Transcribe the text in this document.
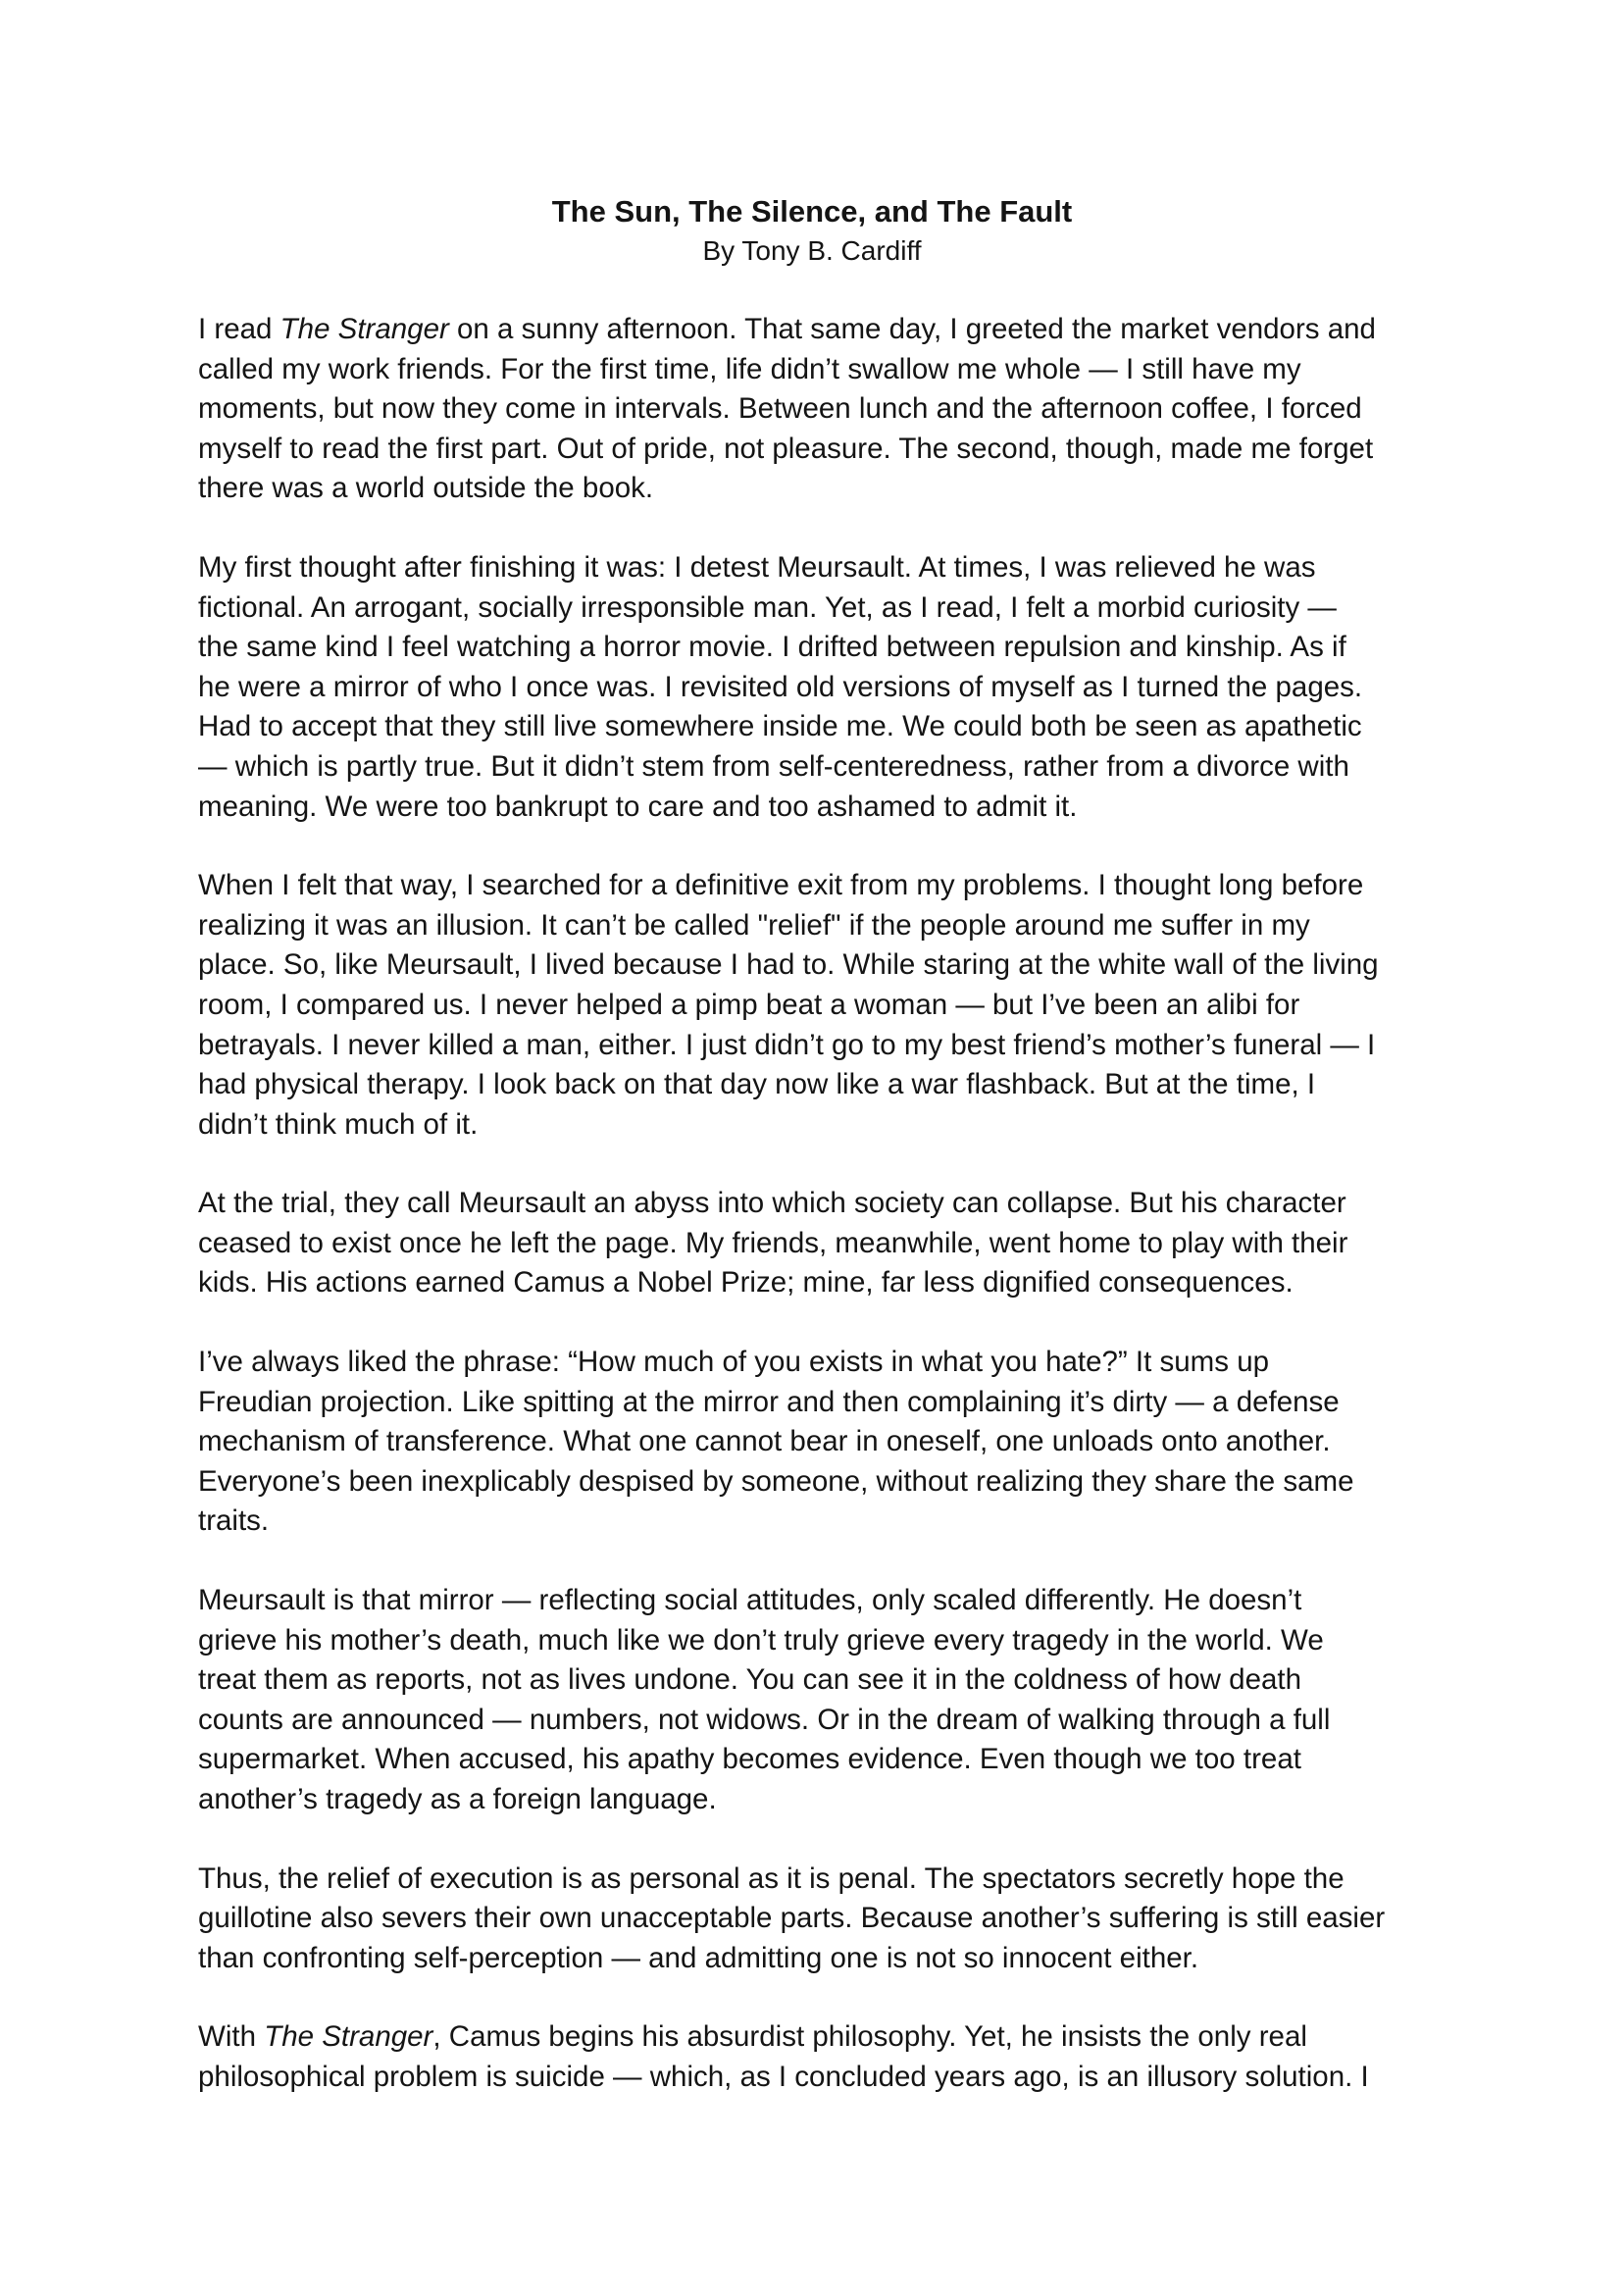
The Sun, The Silence, and The Fault

By Tony B. Cardiff

I read The Stranger on a sunny afternoon. That same day, I greeted the market vendors and
called my work friends. For the first time, life didn’t swallow me whole — I still have my
moments, but now they come in intervals. Between lunch and the afternoon coffee, I forced
myself to read the first part. Out of pride, not pleasure. The second, though, made me forget
there was a world outside the book.

My first thought after finishing it was: I detest Meursault. At times, I was relieved he was
fictional. An arrogant, socially irresponsible man. Yet, as I read, I felt a morbid curiosity —
the same kind I feel watching a horror movie. I drifted between repulsion and kinship. As if
he were a mirror of who I once was. I revisited old versions of myself as I turned the pages.
Had to accept that they still live somewhere inside me. We could both be seen as apathetic
— which is partly true. But it didn’t stem from self-centeredness, rather from a divorce with
meaning. We were too bankrupt to care and too ashamed to admit it.

When I felt that way, I searched for a definitive exit from my problems. I thought long before
realizing it was an illusion. It can’t be called "relief" if the people around me suffer in my
place. So, like Meursault, I lived because I had to. While staring at the white wall of the living
room, I compared us. I never helped a pimp beat a woman — but I’ve been an alibi for
betrayals. I never killed a man, either. I just didn’t go to my best friend’s mother’s funeral — I
had physical therapy. I look back on that day now like a war flashback. But at the time, I
didn’t think much of it.

At the trial, they call Meursault an abyss into which society can collapse. But his character
ceased to exist once he left the page. My friends, meanwhile, went home to play with their
kids. His actions earned Camus a Nobel Prize; mine, far less dignified consequences.

I’ve always liked the phrase: “How much of you exists in what you hate?” It sums up
Freudian projection. Like spitting at the mirror and then complaining it’s dirty — a defense
mechanism of transference. What one cannot bear in oneself, one unloads onto another.
Everyone’s been inexplicably despised by someone, without realizing they share the same
traits.

Meursault is that mirror — reflecting social attitudes, only scaled differently. He doesn’t
grieve his mother’s death, much like we don’t truly grieve every tragedy in the world. We
treat them as reports, not as lives undone. You can see it in the coldness of how death
counts are announced — numbers, not widows. Or in the dream of walking through a full
supermarket. When accused, his apathy becomes evidence. Even though we too treat
another’s tragedy as a foreign language.

Thus, the relief of execution is as personal as it is penal. The spectators secretly hope the
guillotine also severs their own unacceptable parts. Because another’s suffering is still easier
than confronting self-perception — and admitting one is not so innocent either.

With The Stranger, Camus begins his absurdist philosophy. Yet, he insists the only real
philosophical problem is suicide — which, as I concluded years ago, is an illusory solution. I
